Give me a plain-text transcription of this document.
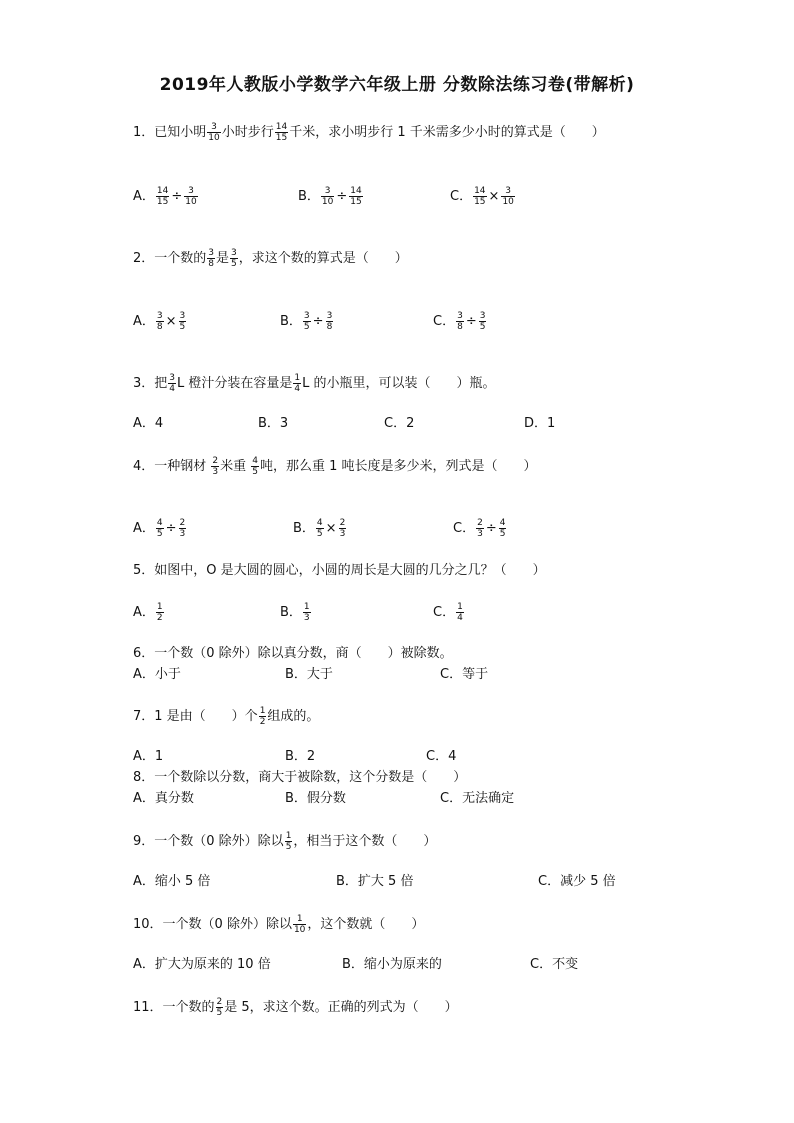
2019年人教版小学数学六年级上册 分数除法练习卷(带解析)
1．已知小明 $\frac{3}{10}$ 小时步行 $\frac{14}{15}$ 千米，求小明步行 1 千米需多少小时的算式是（　　）
A． $\frac{14}{15} \div \frac{3}{10}$	B． $\frac{3}{10} \div \frac{14}{15}$	C． $\frac{14}{15} \times \frac{3}{10}$
2．一个数的 $\frac{3}{8}$ 是 $\frac{3}{5}$ ，求这个数的算式是（　　）
A． $\frac{3}{8} \times \frac{3}{5}$	B． $\frac{3}{5} \div \frac{3}{8}$	C． $\frac{3}{8} \div \frac{3}{5}$
3．把 $\frac{3}{4}$ L 橙汁分装在容量是 $\frac{1}{4}$ L 的小瓶里，可以装（　　）瓶。
A．4	B．3	C．2	D．1
4．一种钢材 $\frac{2}{3}$ 米重 $\frac{4}{5}$ 吨，那么重 1 吨长度是多少米，列式是（　　）
A． $\frac{4}{5} \div \frac{2}{3}$	B． $\frac{4}{5} \times \frac{2}{3}$	C． $\frac{2}{3} \div \frac{4}{5}$
5．如图中，O 是大圆的圆心，小圆的周长是大圆的几分之几？（　　）
A． $\frac{1}{2}$	B． $\frac{1}{3}$	C． $\frac{1}{4}$
6．一个数（0 除外）除以真分数，商（　　）被除数。
A．小于	B．大于	C．等于
7．1 是由（　　）个 $\frac{1}{2}$ 组成的。
A．1	B．2	C．4
8．一个数除以分数，商大于被除数，这个分数是（　　）
A．真分数	B．假分数	C．无法确定
9．一个数（0 除外）除以 $\frac{1}{5}$ ，相当于这个数（　　）
A．缩小 5 倍	B．扩大 5 倍	C．减少 5 倍
10．一个数（0 除外）除以 $\frac{1}{10}$ ，这个数就（　　）
A．扩大为原来的 10 倍	B．缩小为原来的	C．不变
11．一个数的 $\frac{2}{5}$ 是 5，求这个数。正确的列式为（　　）
